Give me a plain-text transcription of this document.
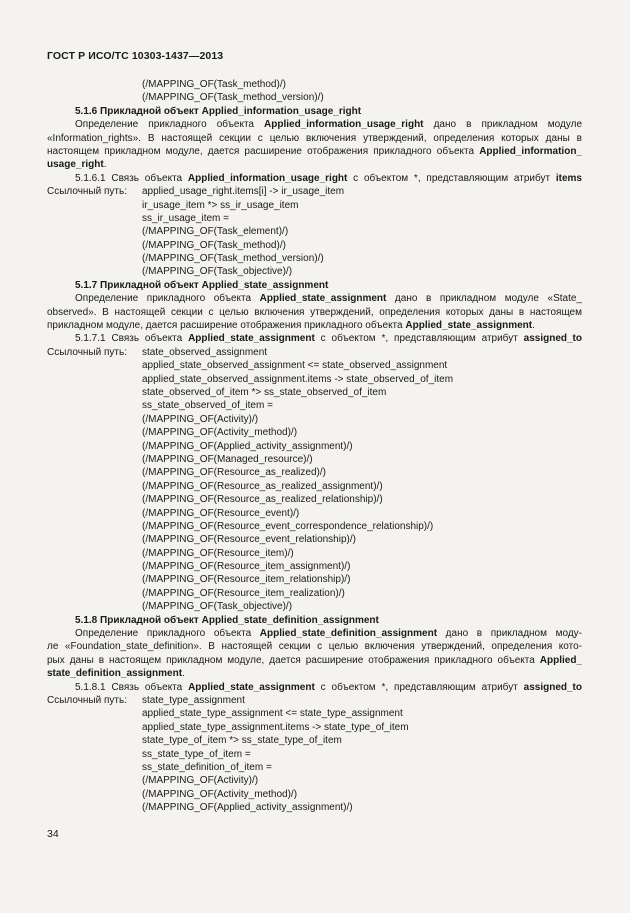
ГОСТ Р ИСО/ТС 10303-1437—2013
(/MAPPING_OF(Task_method)/)
(/MAPPING_OF(Task_method_version)/)
5.1.6 Прикладной объект Applied_information_usage_right
Определение прикладного объекта Applied_information_usage_right дано в прикладном модуле
«Information_rights». В настоящей секции с целью включения утверждений, определения которых даны в
настоящем прикладном модуле, дается расширение отображения прикладного объекта Applied_information_
usage_right.
5.1.6.1 Связь объекта Applied_information_usage_right с объектом *, представляющим атрибут items
Ссылочный путь:	applied_usage_right.items[i] -> ir_usage_item
ir_usage_item *> ss_ir_usage_item
ss_ir_usage_item =
(/MAPPING_OF(Task_element)/)
(/MAPPING_OF(Task_method)/)
(/MAPPING_OF(Task_method_version)/)
(/MAPPING_OF(Task_objective)/)
5.1.7 Прикладной объект Applied_state_assignment
Определение прикладного объекта Applied_state_assignment дано в прикладном модуле «State_
observed». В настоящей секции с целью включения утверждений, определения которых даны в настоящем
прикладном модуле, дается расширение отображения прикладного объекта Applied_state_assignment.
5.1.7.1 Связь объекта Applied_state_assignment с объектом *, представляющим атрибут assigned_to
Ссылочный путь:	state_observed_assignment
applied_state_observed_assignment <= state_observed_assignment
applied_state_observed_assignment.items -> state_observed_of_item
state_observed_of_item *> ss_state_observed_of_item
ss_state_observed_of_item =
(/MAPPING_OF(Activity)/)
(/MAPPING_OF(Activity_method)/)
(/MAPPING_OF(Applied_activity_assignment)/)
(/MAPPING_OF(Managed_resource)/)
(/MAPPING_OF(Resource_as_realized)/)
(/MAPPING_OF(Resource_as_realized_assignment)/)
(/MAPPING_OF(Resource_as_realized_relationship)/)
(/MAPPING_OF(Resource_event)/)
(/MAPPING_OF(Resource_event_correspondence_relationship)/)
(/MAPPING_OF(Resource_event_relationship)/)
(/MAPPING_OF(Resource_item)/)
(/MAPPING_OF(Resource_item_assignment)/)
(/MAPPING_OF(Resource_item_relationship)/)
(/MAPPING_OF(Resource_item_realization)/)
(/MAPPING_OF(Task_objective)/)
5.1.8 Прикладной объект Applied_state_definition_assignment
Определение прикладного объекта Applied_state_definition_assignment дано в прикладном моду-
ле «Foundation_state_definition». В настоящей секции с целью включения утверждений, определения кото-
рых даны в настоящем прикладном модуле, дается расширение отображения прикладного объекта Applied_
state_definition_assignment.
5.1.8.1 Связь объекта Applied_state_assignment с объектом *, представляющим атрибут assigned_to
Ссылочный путь:	state_type_assignment
applied_state_type_assignment <= state_type_assignment
applied_state_type_assignment.items -> state_type_of_item
state_type_of_item *> ss_state_type_of_item
ss_state_type_of_item =
ss_state_definition_of_item =
(/MAPPING_OF(Activity)/)
(/MAPPING_OF(Activity_method)/)
(/MAPPING_OF(Applied_activity_assignment)/)
34
